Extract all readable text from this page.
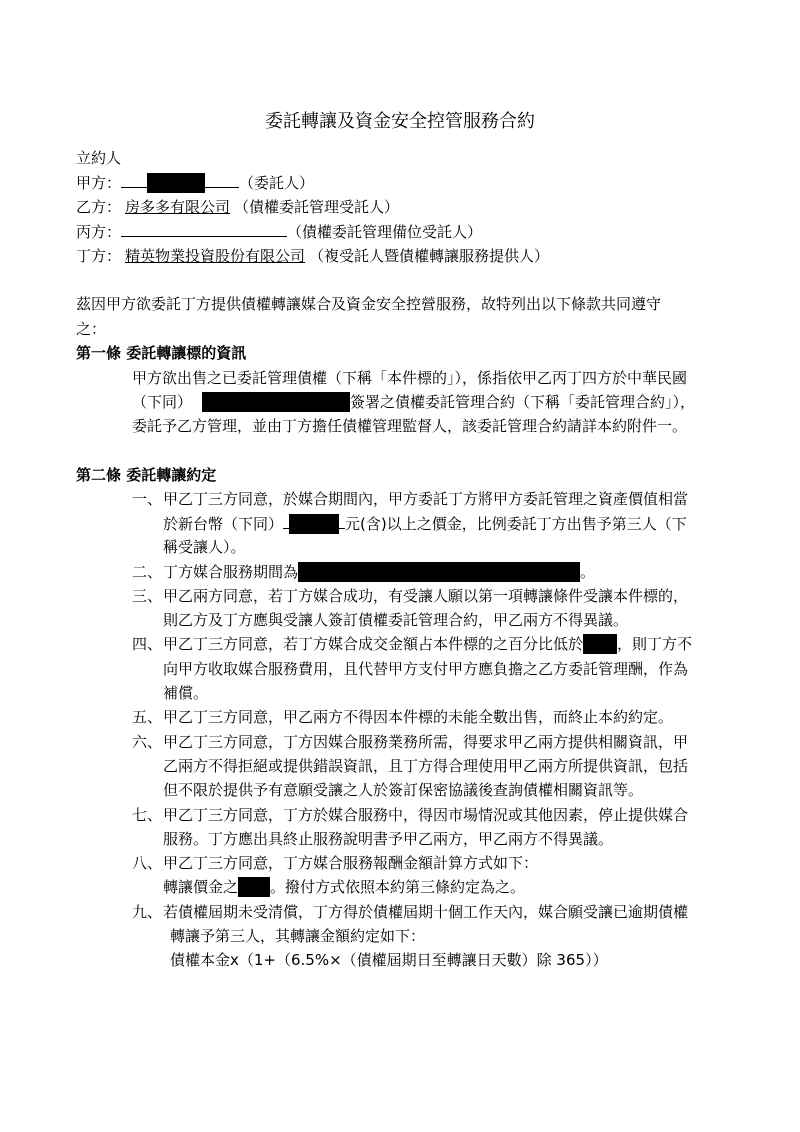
委託轉讓及資金安全控管服務合約
立約人
甲方：	（委託人）
乙方： 房多多有限公司 （債權委託管理受託人）
丙方：	（債權委託管理備位受託人）
丁方： 精英物業投資股份有限公司 （複受託人暨債權轉讓服務提供人）
茲因甲方欲委託丁方提供債權轉讓媒合及資金安全控營服務，故特列出以下條款共同遵守
之：
第一條 委託轉讓標的資訊
甲方欲出售之已委託管理債權（下稱「本件標的」），係指依甲乙丙丁四方於中華民國
（下同）	簽署之債權委託管理合約（下稱「委託管理合約」），
委託予乙方管理，並由丁方擔任債權管理監督人，該委託管理合約請詳本約附件一。
第二條 委託轉讓約定
一、 甲乙丁三方同意，於媒合期間內，甲方委託丁方將甲方委託管理之資產價值相當
於新台幣（下同）	元(含)以上之價金，比例委託丁方出售予第三人（下
稱受讓人）。
二、 丁方媒合服務期間為	。
三、 甲乙兩方同意，若丁方媒合成功，有受讓人願以第一項轉讓條件受讓本件標的，
則乙方及丁方應與受讓人簽訂債權委託管理合約，甲乙兩方不得異議。
四、 甲乙丁三方同意，若丁方媒合成交金額占本件標的之百分比低於 ，則丁方不
向甲方收取媒合服務費用，且代替甲方支付甲方應負擔之乙方委託管理酬，作為
補償。
五、 甲乙丁三方同意，甲乙兩方不得因本件標的未能全數出售，而終止本約約定。
六、 甲乙丁三方同意，丁方因媒合服務業務所需，得要求甲乙兩方提供相關資訊，甲
乙兩方不得拒絕或提供錯誤資訊，且丁方得合理使用甲乙兩方所提供資訊，包括
但不限於提供予有意願受讓之人於簽訂保密協議後查詢債權相關資訊等。
七、 甲乙丁三方同意，丁方於媒合服務中，得因市場情況或其他因素，停止提供媒合
服務。丁方應出具終止服務說明書予甲乙兩方，甲乙兩方不得異議。
八、 甲乙丁三方同意，丁方媒合服務報酬金額計算方式如下：
轉讓價金之 。撥付方式依照本約第三條約定為之。
九、 若債權屆期未受清償，丁方得於債權屆期十個工作天內，媒合願受讓已逾期債權
轉讓予第三人，其轉讓金額約定如下：
債權本金x（1+（6.5%×（債權屆期日至轉讓日天數）除 365））
